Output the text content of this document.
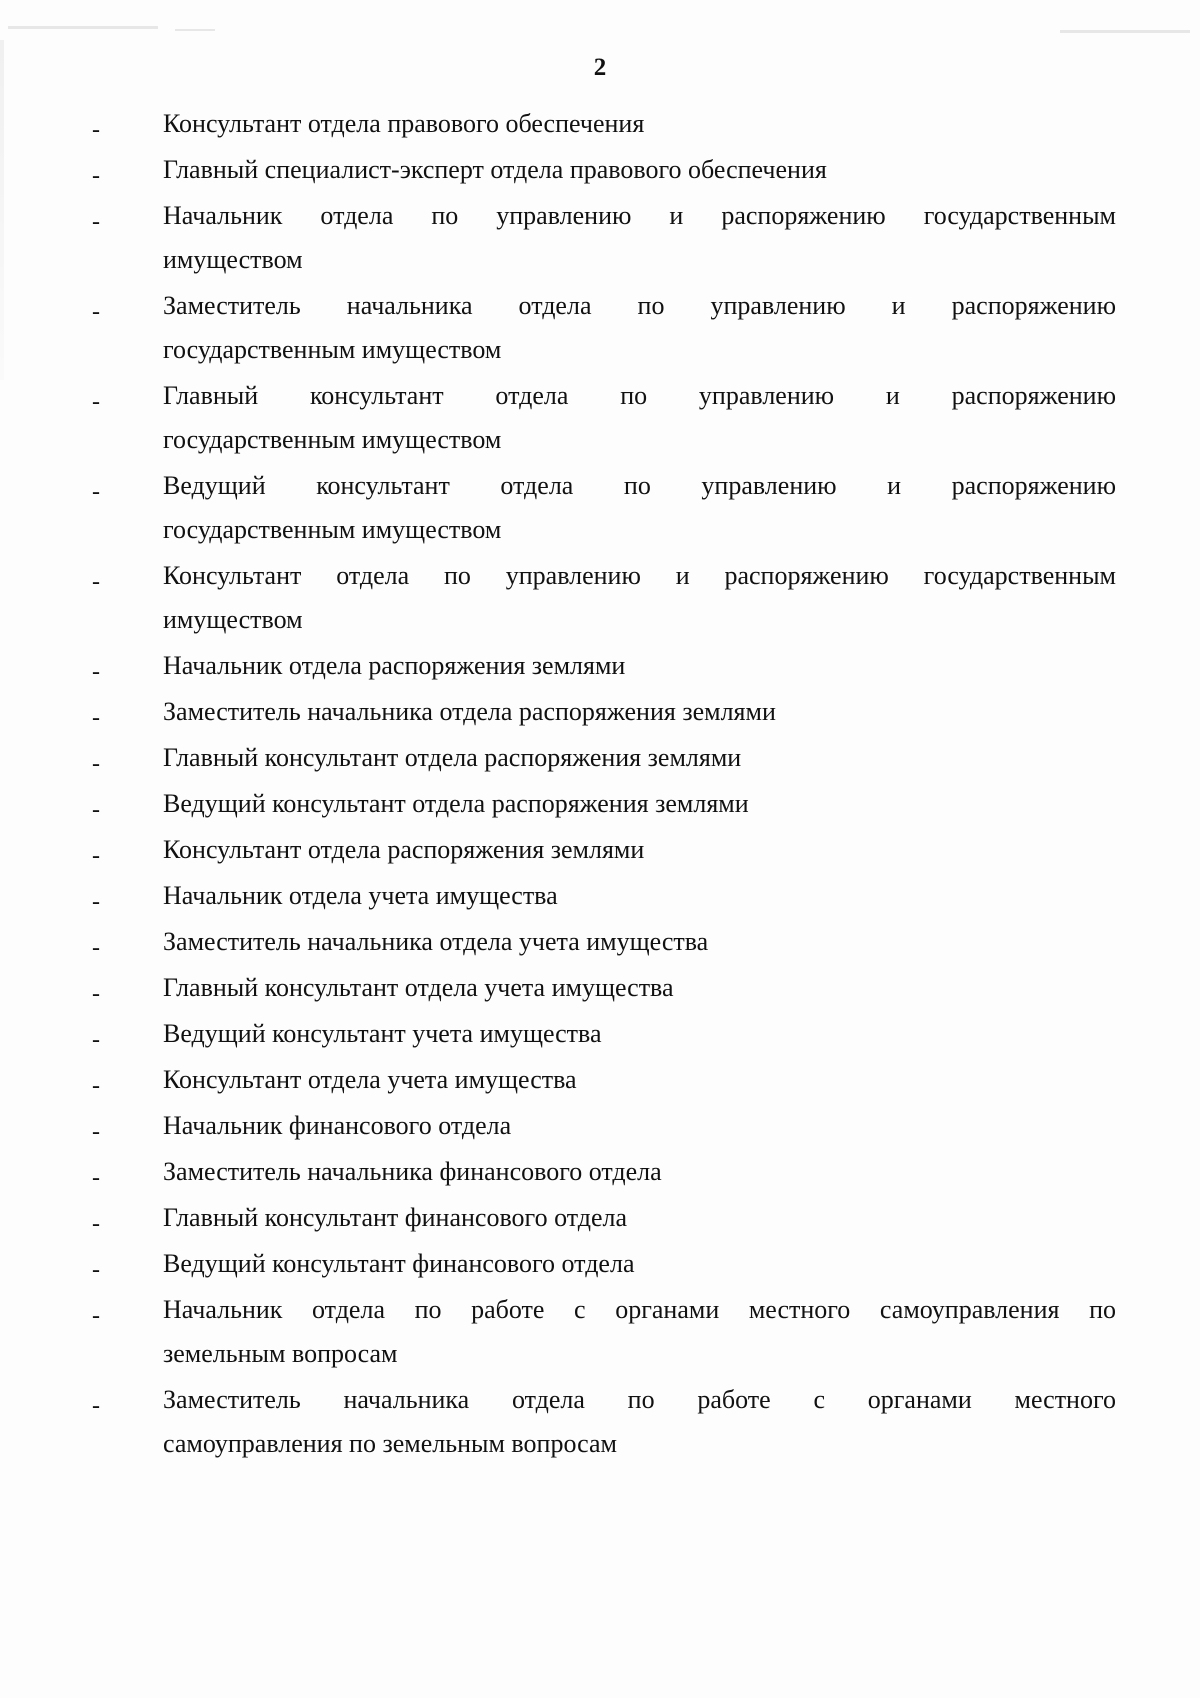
2
- Консультант отдела правового обеспечения
- Главный специалист-эксперт отдела правового обеспечения
- Начальник отдела по управлению и распоряжению государственным
имуществом
- Заместитель начальника отдела по управлению и распоряжению
государственным имуществом
- Главный консультант отдела по управлению и распоряжению
государственным имуществом
- Ведущий консультант отдела по управлению и распоряжению
государственным имуществом
- Консультант отдела по управлению и распоряжению государственным
имуществом
- Начальник отдела распоряжения землями
- Заместитель начальника отдела распоряжения землями
- Главный консультант отдела распоряжения землями
- Ведущий консультант отдела распоряжения землями
- Консультант отдела распоряжения землями
- Начальник отдела учета имущества
- Заместитель начальника отдела учета имущества
- Главный консультант отдела учета имущества
- Ведущий консультант учета имущества
- Консультант отдела учета имущества
- Начальник финансового отдела
- Заместитель начальника финансового отдела
- Главный консультант финансового отдела
- Ведущий консультант финансового отдела
- Начальник отдела по работе с органами местного самоуправления по
земельным вопросам
- Заместитель начальника отдела по работе с органами местного
самоуправления по земельным вопросам
